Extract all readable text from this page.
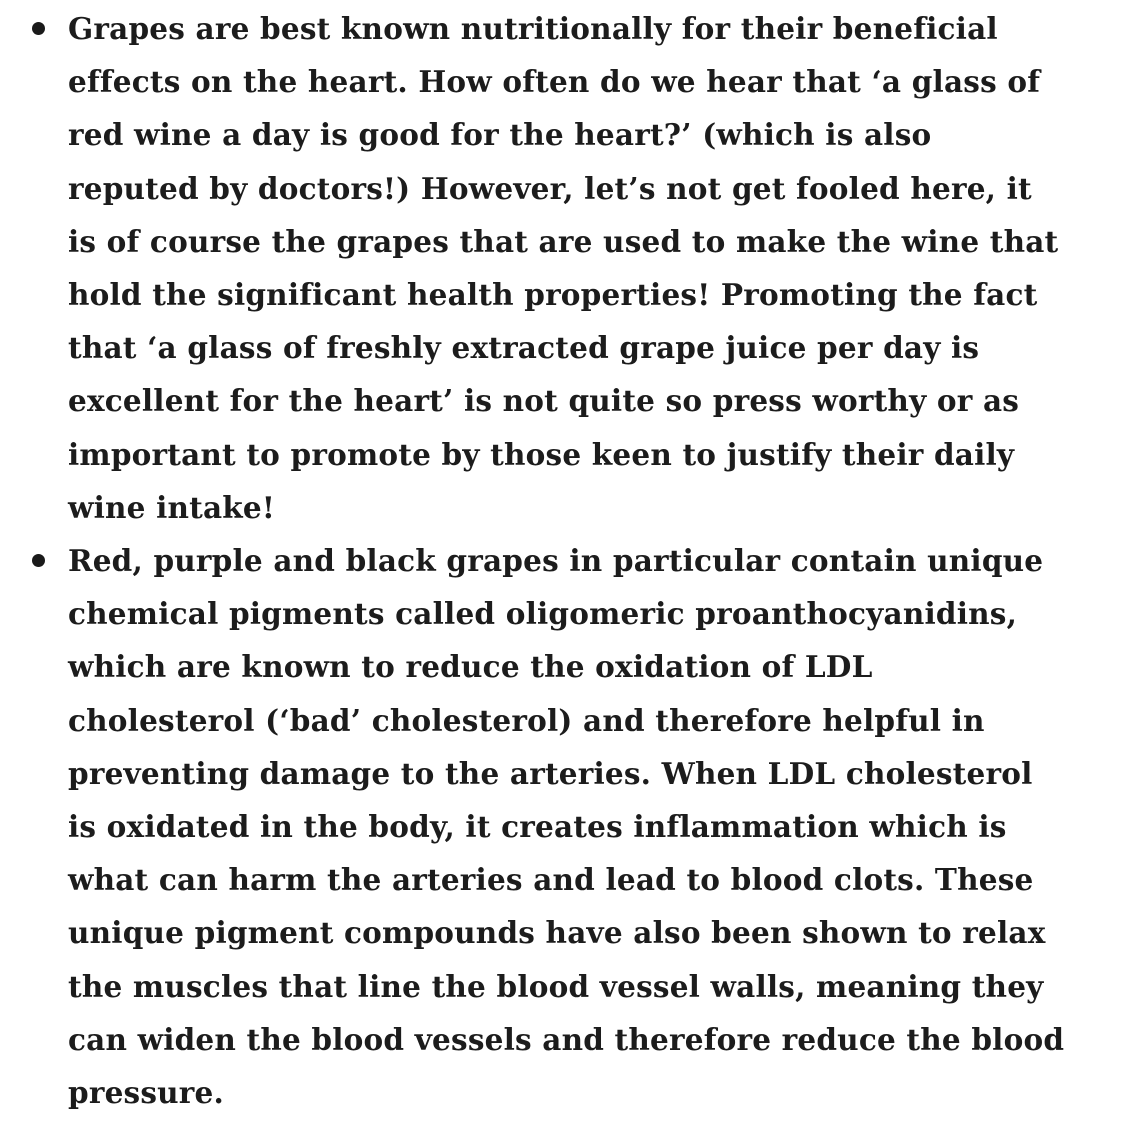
Grapes are best known nutritionally for their beneficial
effects on the heart. How often do we hear that ‘a glass of
red wine a day is good for the heart?’ (which is also
reputed by doctors!) However, let’s not get fooled here, it
is of course the grapes that are used to make the wine that
hold the significant health properties! Promoting the fact
that ‘a glass of freshly extracted grape juice per day is
excellent for the heart’ is not quite so press worthy or as
important to promote by those keen to justify their daily
wine intake!

Red, purple and black grapes in particular contain unique
chemical pigments called oligomeric proanthocyanidins,
which are known to reduce the oxidation of LDL
cholesterol (‘bad’ cholesterol) and therefore helpful in
preventing damage to the arteries. When LDL cholesterol
is oxidated in the body, it creates inflammation which is
what can harm the arteries and lead to blood clots. These
unique pigment compounds have also been shown to relax
the muscles that line the blood vessel walls, meaning they
can widen the blood vessels and therefore reduce the blood
pressure.
